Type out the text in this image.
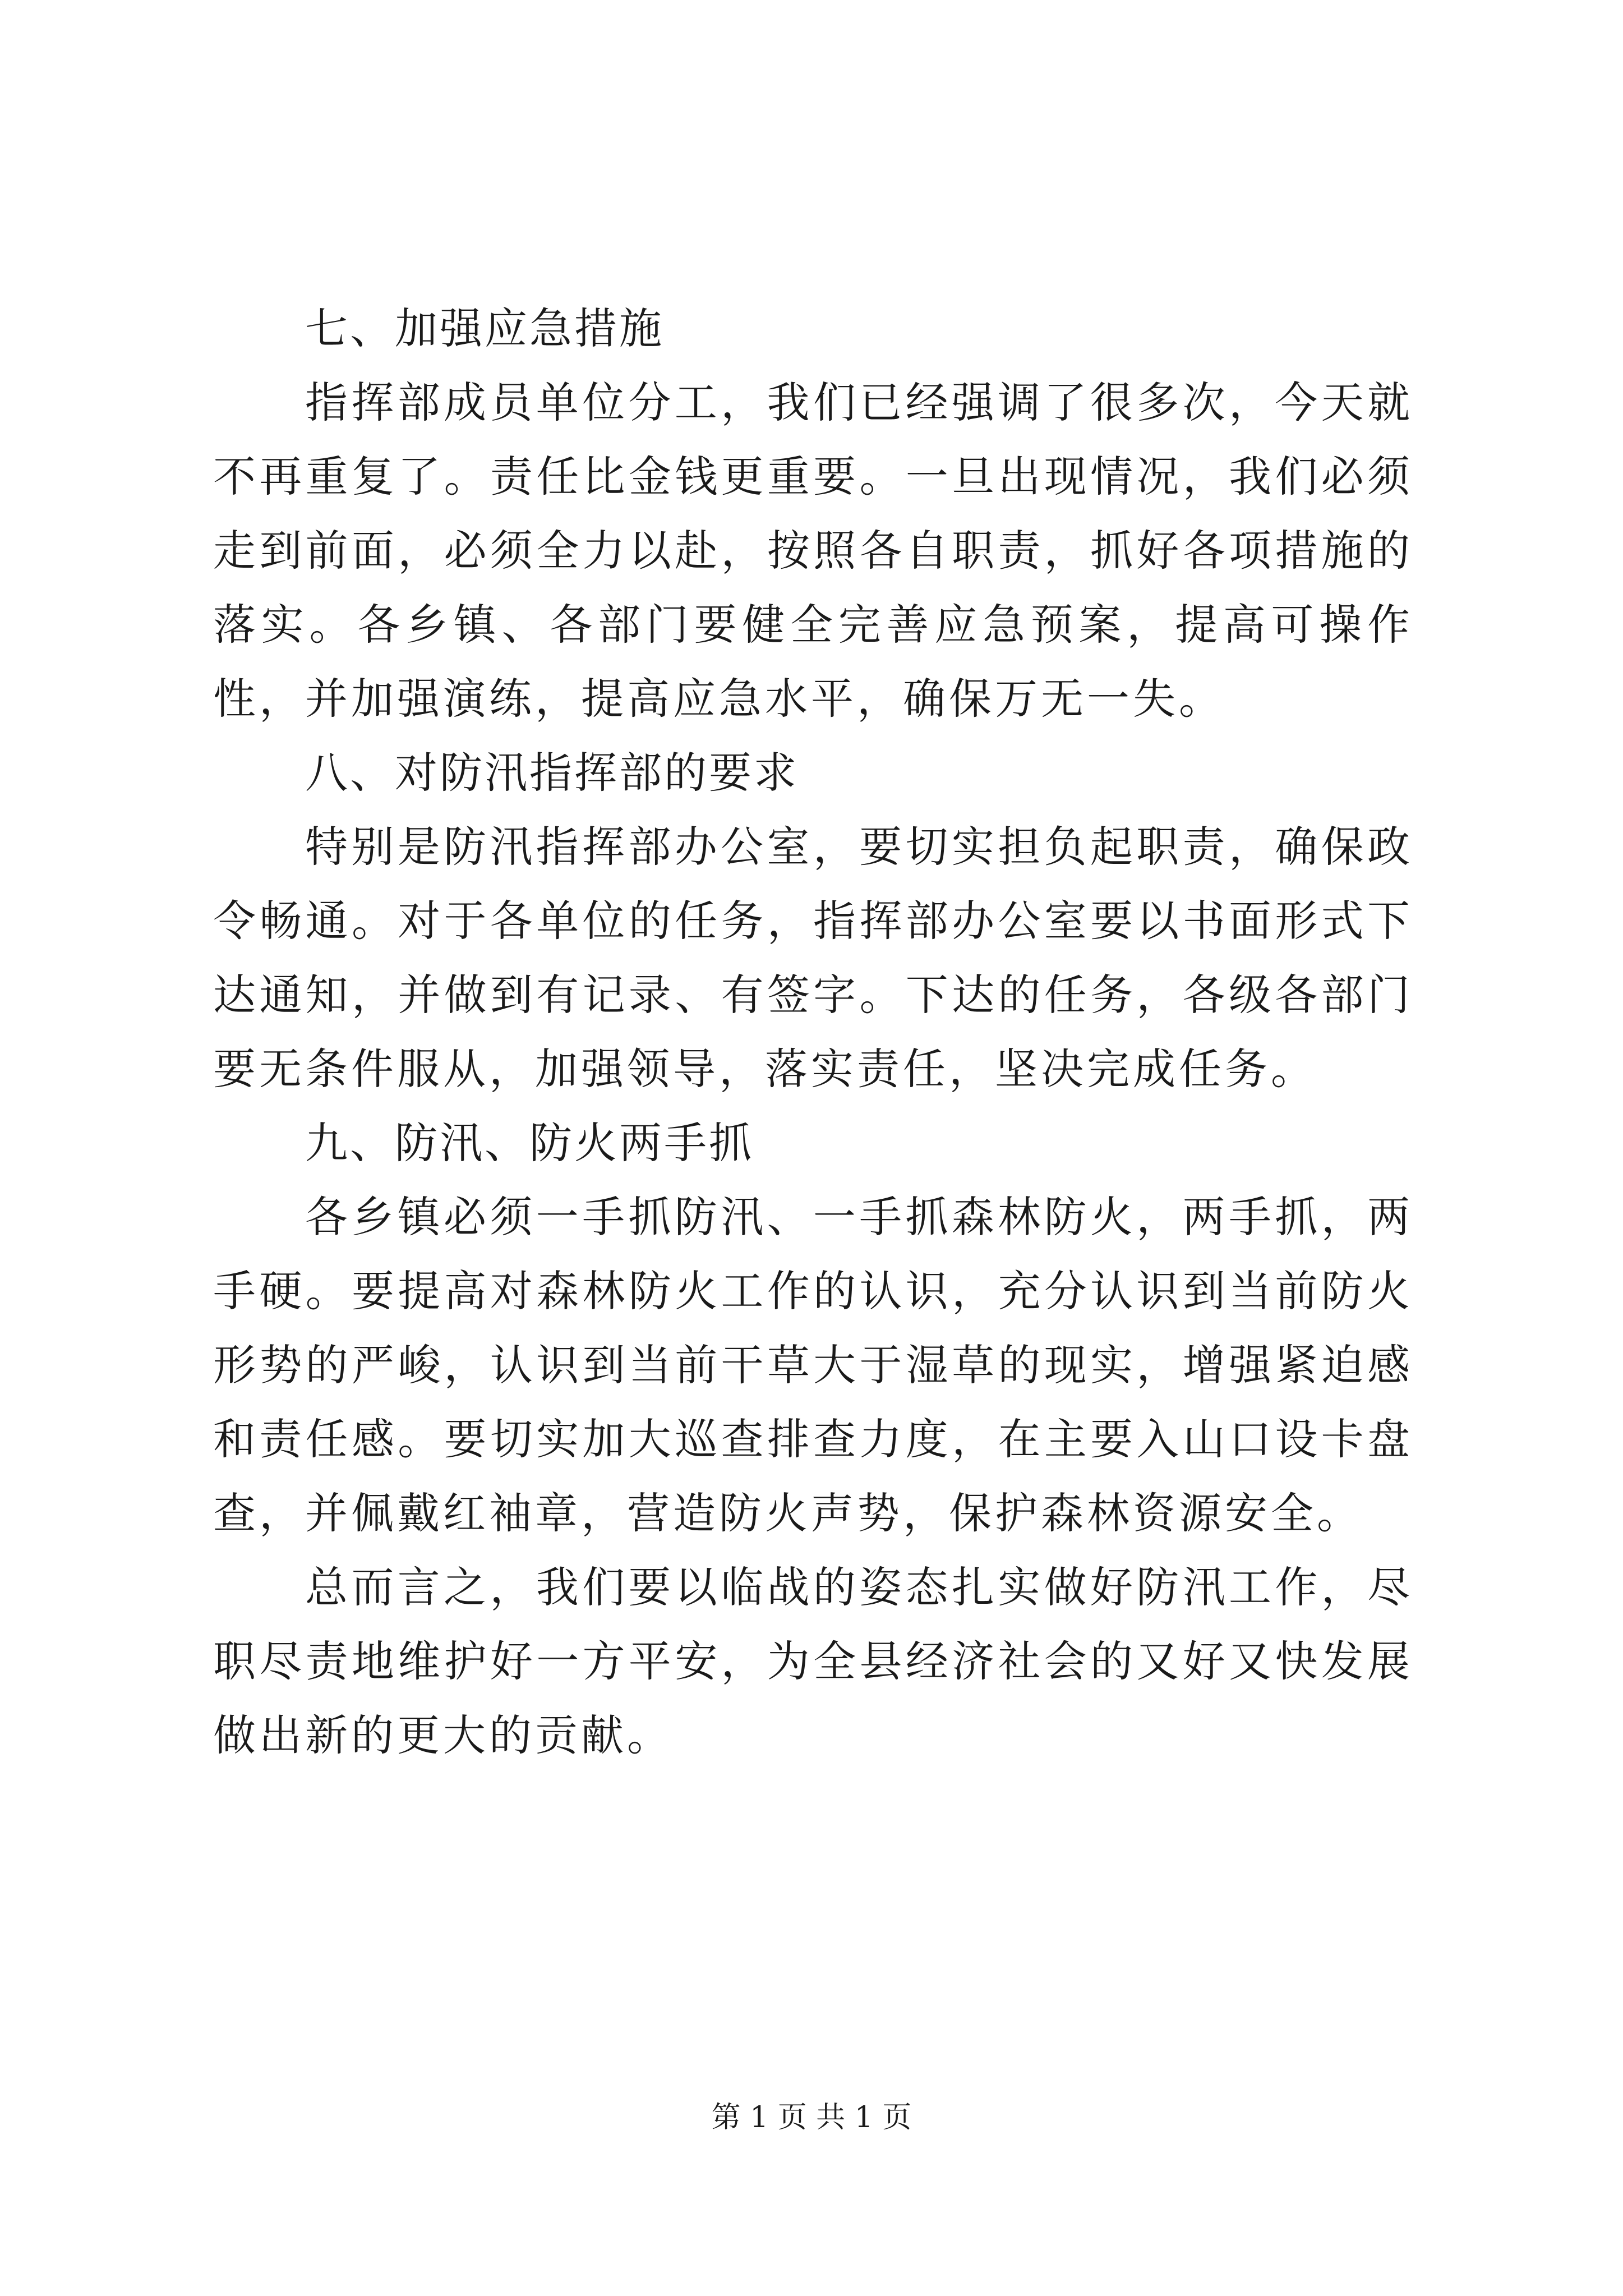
七、加强应急措施

指挥部成员单位分工，我们已经强调了很多次，今天就不再重复了。责任比金钱更重要。一旦出现情况，我们必须走到前面，必须全力以赴，按照各自职责，抓好各项措施的落实。各乡镇、各部门要健全完善应急预案，提高可操作性，并加强演练，提高应急水平，确保万无一失。

八、对防汛指挥部的要求

特别是防汛指挥部办公室，要切实担负起职责，确保政令畅通。对于各单位的任务，指挥部办公室要以书面形式下达通知，并做到有记录、有签字。下达的任务，各级各部门要无条件服从，加强领导，落实责任，坚决完成任务。

九、防汛、防火两手抓

各乡镇必须一手抓防汛、一手抓森林防火，两手抓，两手硬。要提高对森林防火工作的认识，充分认识到当前防火形势的严峻，认识到当前干草大于湿草的现实，增强紧迫感和责任感。要切实加大巡查排查力度，在主要入山口设卡盘查，并佩戴红袖章，营造防火声势，保护森林资源安全。

总而言之，我们要以临战的姿态扎实做好防汛工作，尽职尽责地维护好一方平安，为全县经济社会的又好又快发展做出新的更大的贡献。

第 1 页 共 1 页
